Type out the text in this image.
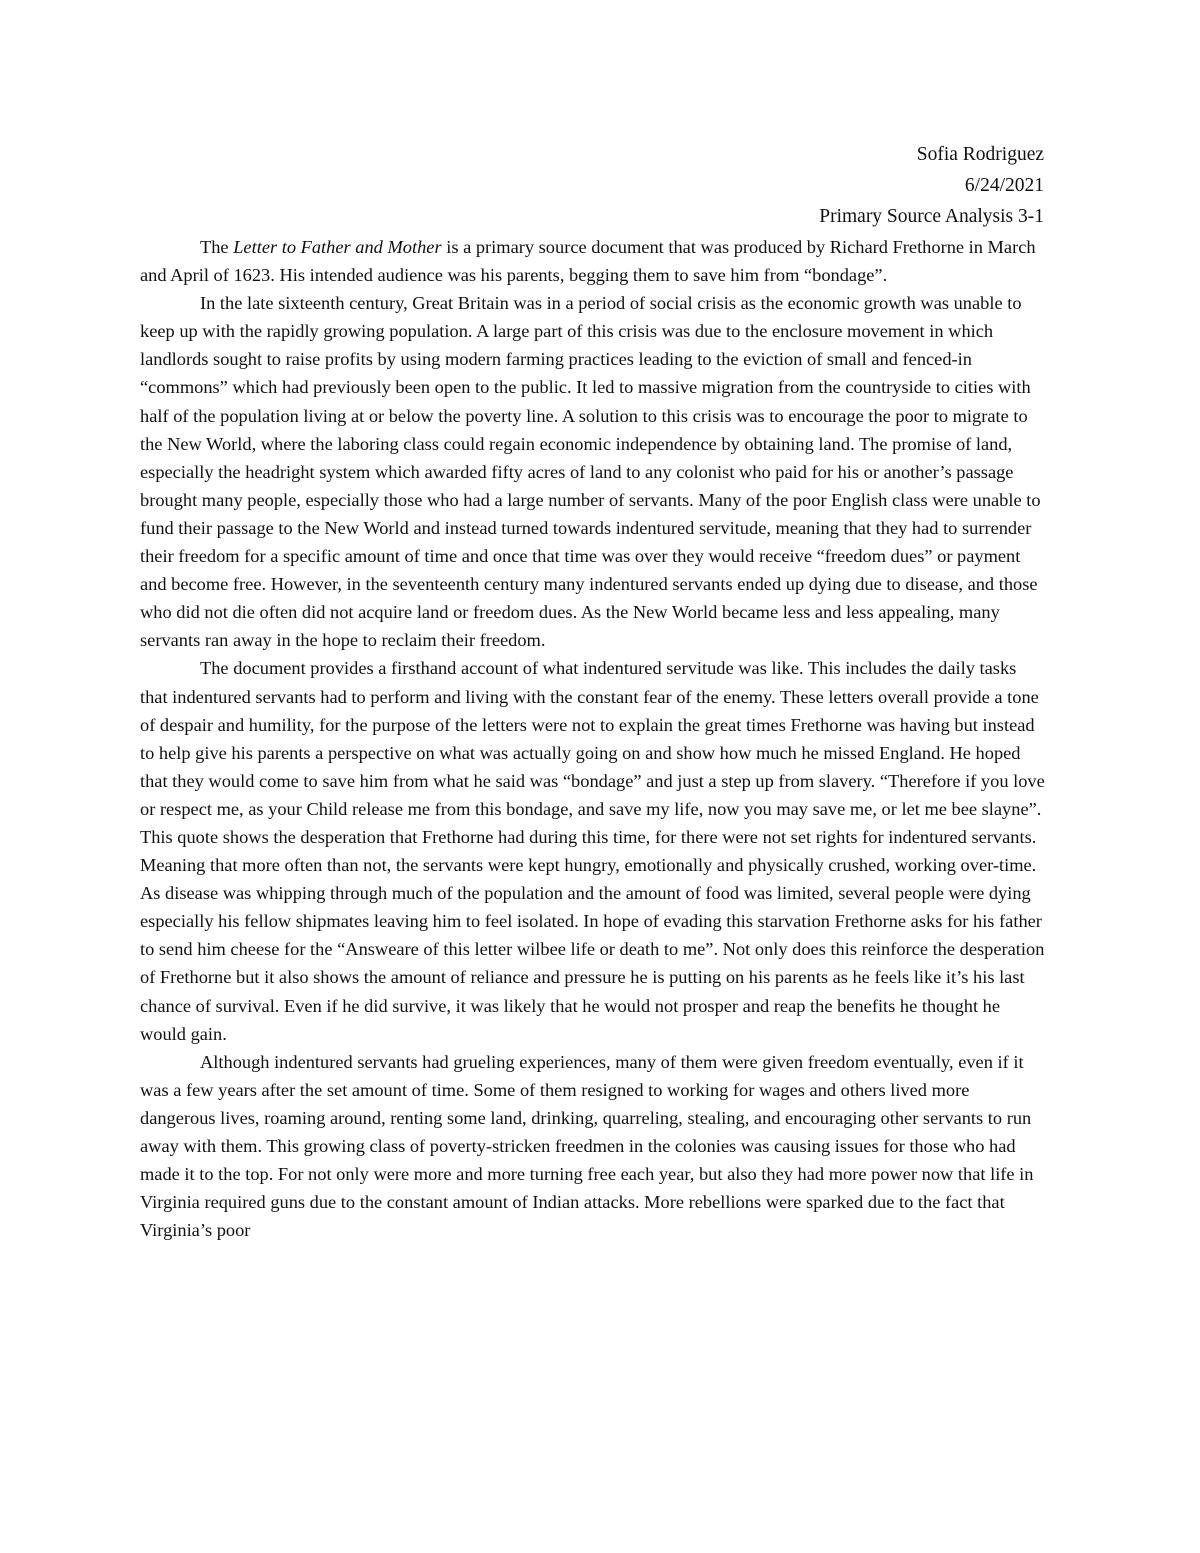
Sofia Rodriguez
6/24/2021
Primary Source Analysis 3-1

The Letter to Father and Mother is a primary source document that was produced by Richard Frethorne in March and April of 1623. His intended audience was his parents, begging them to save him from “bondage”.

In the late sixteenth century, Great Britain was in a period of social crisis as the economic growth was unable to keep up with the rapidly growing population. A large part of this crisis was due to the enclosure movement in which landlords sought to raise profits by using modern farming practices leading to the eviction of small and fenced-in “commons” which had previously been open to the public. It led to massive migration from the countryside to cities with half of the population living at or below the poverty line. A solution to this crisis was to encourage the poor to migrate to the New World, where the laboring class could regain economic independence by obtaining land. The promise of land, especially the headright system which awarded fifty acres of land to any colonist who paid for his or another’s passage brought many people, especially those who had a large number of servants. Many of the poor English class were unable to fund their passage to the New World and instead turned towards indentured servitude, meaning that they had to surrender their freedom for a specific amount of time and once that time was over they would receive “freedom dues” or payment and become free. However, in the seventeenth century many indentured servants ended up dying due to disease, and those who did not die often did not acquire land or freedom dues. As the New World became less and less appealing, many servants ran away in the hope to reclaim their freedom.

The document provides a firsthand account of what indentured servitude was like. This includes the daily tasks that indentured servants had to perform and living with the constant fear of the enemy. These letters overall provide a tone of despair and humility, for the purpose of the letters were not to explain the great times Frethorne was having but instead to help give his parents a perspective on what was actually going on and show how much he missed England. He hoped that they would come to save him from what he said was “bondage” and just a step up from slavery. “Therefore if you love or respect me, as your Child release me from this bondage, and save my life, now you may save me, or let me bee slayne”. This quote shows the desperation that Frethorne had during this time, for there were not set rights for indentured servants. Meaning that more often than not, the servants were kept hungry, emotionally and physically crushed, working over-time. As disease was whipping through much of the population and the amount of food was limited, several people were dying especially his fellow shipmates leaving him to feel isolated. In hope of evading this starvation Frethorne asks for his father to send him cheese for the “Answeare of this letter wilbee life or death to me”. Not only does this reinforce the desperation of Frethorne but it also shows the amount of reliance and pressure he is putting on his parents as he feels like it’s his last chance of survival. Even if he did survive, it was likely that he would not prosper and reap the benefits he thought he would gain.

Although indentured servants had grueling experiences, many of them were given freedom eventually, even if it was a few years after the set amount of time. Some of them resigned to working for wages and others lived more dangerous lives, roaming around, renting some land, drinking, quarreling, stealing, and encouraging other servants to run away with them. This growing class of poverty-stricken freedmen in the colonies was causing issues for those who had made it to the top. For not only were more and more turning free each year, but also they had more power now that life in Virginia required guns due to the constant amount of Indian attacks. More rebellions were sparked due to the fact that Virginia’s poor
